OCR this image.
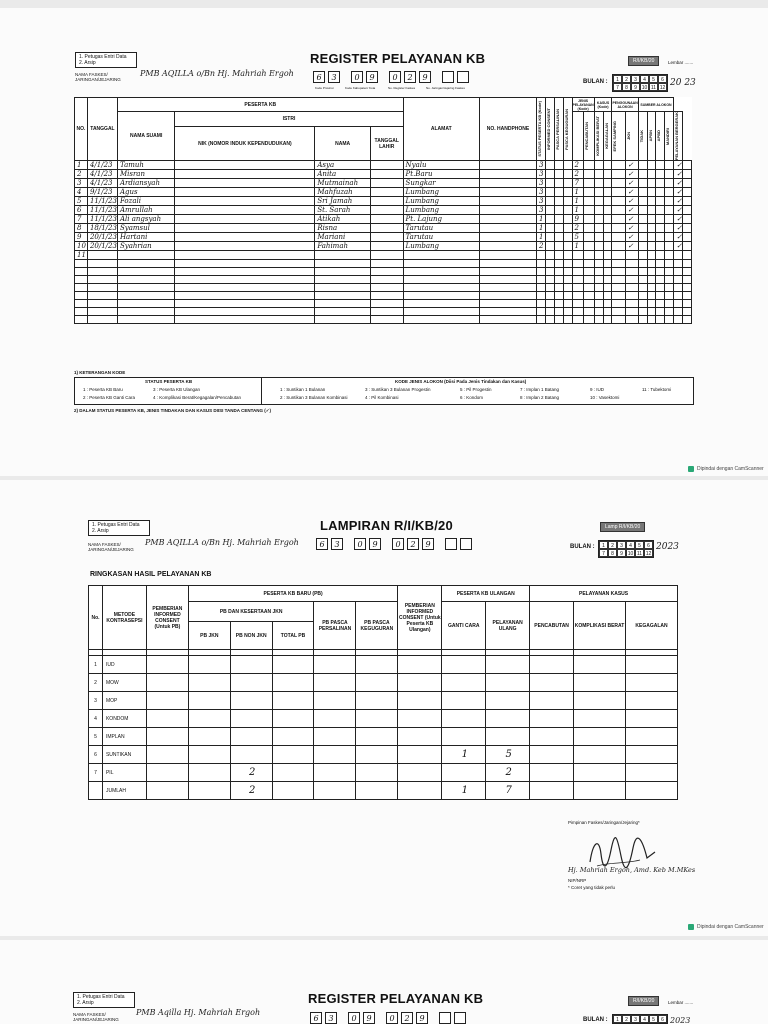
1. Petugas Entri Data
2. Arsip	REGISTER PELAYANAN KB	R/I/KB/20	Lembar .......
NAMA FASKES/ JARINGAN/JEJARING
PMB AQILLA o/Bn Hj. Mahriah Ergoh	6	3	0	9	0	2	9
Kode Provinsi	Kode Kabupaten/ Kota	No. Register Faskes	No. Jaringan/Jejaring Faskes
BULAN :	1	2	3	4	5	6
7	8	9 10 11 12 20 23
NO.	TANGGAL	PESERTA KB				ALAMAT	NO. HANDPHONE	STATUS PESERTA KB (Kode)	INFORMED CONSENT	PASCA PERSALINAN	PASCA KEGUGURAN	JENIS PELAYANAN (Kode)		KASUS (Kode)		PENGGUNAAN ALOKON		SUMBER ALOKON					
		NAMA SUAMI	ISTRI										PENCABUTAN	KOMPLIKASI BERAT	KEGAGALAN	EFEK SAMPING	JKN	TIDAK	APBN	APBD	MANDIRI	PELAYANAN BERGERAK	

			NIK (NOMOR INDUK KEPENDUDUKAN)	NAMA	TANGGAL LAHIR																		
1	4/1/23	Tamuh		Asya		Nyalu		3				2					✓					✓	
2	4/1/23	Misran		Anita		Pt.Baru		3				2					✓					✓	
3	4/1/23	Ardiansyah		Mutmainah		Sungkar		3				7					✓					✓	
4	9/1/23	Agus		Mahfuzah		Lumbang		3				1					✓					✓	
5	11/1/23	Fozali		Sri Jamah		Lumbang		3				1					✓					✓	
6	11/1/23	Amrullah		St. Sarah		Lumbang		3				1					✓					✓	
7	11/1/23	Ali angsyah		Atikah		Pt. Lajung		1				9					✓					✓	
8	18/1/23	Syamsul		Risna		Tarutau		1				2					✓					✓	
9	20/1/23	Hartani		Mariani		Tarutau		1				5					✓					✓	
10	20/1/23	Syahrian		Fahimah		Lumbang		2				1					✓					✓	
11																							

1) KETERANGAN KODE
STATUS PESERTA KB
1 : Peserta KB Baru
2 : Peserta KB Ganti Cara
3 : Peserta KB Ulangan
4 : Komplikasi Berat/Kegagalan/Pencabutan
KODE JENIS ALOKON (Diisi Pada Jenis Tindakan dan Kasus)
1 : Suntikan 1 Bulanan
2 : Suntikan 3 Bulanan Kombinasi
3 : Suntikan 3 Bulanan Progestin
4 : Pil Kombinasi
5 : Pil Progestin
6 : Kondom
7 : Implan 1 Batang
8 : Implan 2 Batang
9 : IUD
10 : Vasektomi
11 : Tubektomi
2) DALAM STATUS PESERTA KB, JENIS TINDAKAN DAN KASUS DIISI TANDA CENTANG (✓)
Dipindai dengan CamScanner
1. Petugas Entri Data
2. Arsip	LAMPIRAN R/I/KB/20	Lamp R/I/KB/20
NAMA FASKES/ JARINGAN/JEJARING
PMB AQILLA o/Bn Hj. Mahriah Ergoh	6	3	0	9	0	2	9	BULAN :	1	2	3	4	5	6
7	8	9 10 11 12
2023
RINGKASAN HASIL PELAYANAN KB
No.	METODE KONTRASEPSI	PEMBERIAN INFORMED CONSENT (Untuk PB)	PESERTA KB BARU (PB)					PEMBERIAN INFORMED CONSENT (Untuk Peserta KB Ulangan)	PESERTA KB ULANGAN		PELAYANAN KASUS		
			PB DAN KESERTAAN JKN			PB PASCA PERSALINAN	PB PASCA KEGUGURAN		GANTI CARA	PELAYANAN ULANG	PENCABUTAN	KOMPLIKASI BERAT	KEGAGALAN
			PB JKN	PB NON JKN	TOTAL PB								

1	IUD												
2	MOW												
3	MOP												
4	KONDOM												
5	IMPLAN												
6	SUNTIKAN								1	5			
7	PIL			2						2			
	JUMLAH			2					1	7			
Pimpinan Faskes/Jaringan/Jejaring*
Hj. Mahriah Ergoh, Amd. Keb M.MKes
NIP/NRP
* Coret yang tidak perlu
Dipindai dengan CamScanner
1. Petugas Entri Data
2. Arsip	REGISTER PELAYANAN KB	R/I/KB/20	Lembar .......
NAMA FASKES/ JARINGAN/JEJARING
PMB Aqilla Hj. Mahriah Ergoh
6	3	0	9	0	2	9	BULAN :	1	2	3	4	5	6 2023
